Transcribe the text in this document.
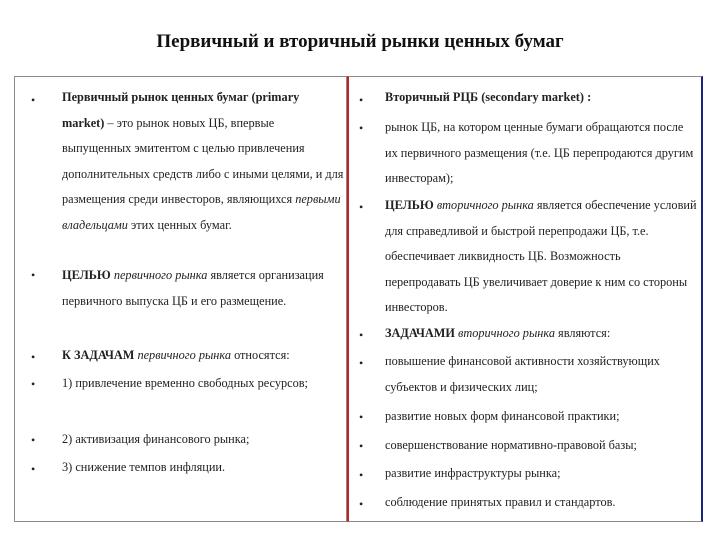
Первичный и вторичный рынки ценных бумаг
• Первичный рынок ценных бумаг (primary market) – это рынок новых ЦБ, впервые выпущенных эмитентом с целью привлечения дополнительных средств либо с иными целями, и для размещения среди инвесторов, являющихся первыми владельцами этих ценных бумаг.
• ЦЕЛЬЮ первичного рынка является организация первичного выпуска ЦБ и его размещение.
• К ЗАДАЧАМ первичного рынка относятся:
• 1) привлечение временно свободных ресурсов;
• 2) активизация финансового рынка;
• 3) снижение темпов инфляции.
• Вторичный РЦБ (secondary market) :
• рынок ЦБ, на котором ценные бумаги обращаются после их первичного размещения (т.е. ЦБ перепродаются другим инвесторам);
• ЦЕЛЬЮ вторичного рынка является обеспечение условий для справедливой и быстрой перепродажи ЦБ, т.е. обеспечивает ликвидность ЦБ. Возможность перепродавать ЦБ увеличивает доверие к ним со стороны инвесторов.
• ЗАДАЧАМИ вторичного рынка являются:
• повышение финансовой активности хозяйствующих субъектов и физических лиц;
• развитие новых форм финансовой практики;
• совершенствование нормативно-правовой базы;
• развитие инфраструктуры рынка;
• соблюдение принятых правил и стандартов.
